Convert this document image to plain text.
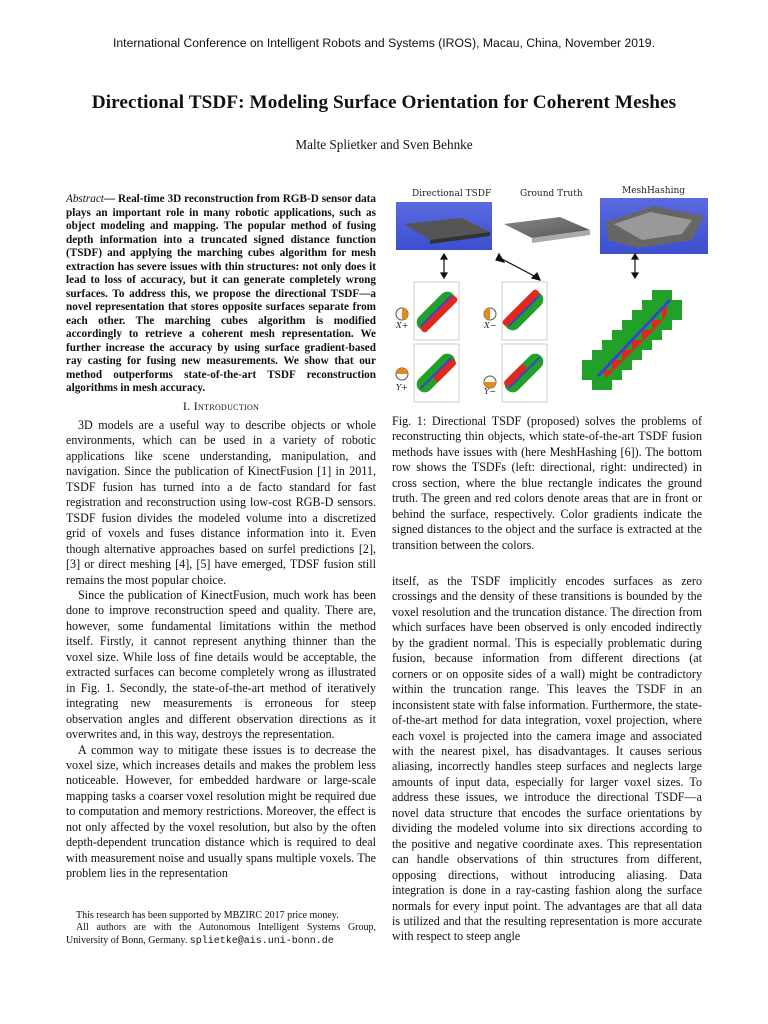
International Conference on Intelligent Robots and Systems (IROS), Macau, China, November 2019.
Directional TSDF: Modeling Surface Orientation for Coherent Meshes
Malte Splietker and Sven Behnke
Abstract— Real-time 3D reconstruction from RGB-D sensor data plays an important role in many robotic applications, such as object modeling and mapping. The popular method of fusing depth information into a truncated signed distance function (TSDF) and applying the marching cubes algorithm for mesh extraction has severe issues with thin structures: not only does it lead to loss of accuracy, but it can generate completely wrong surfaces. To address this, we propose the directional TSDF—a novel representation that stores opposite surfaces separate from each other. The marching cubes algorithm is modified accordingly to retrieve a coherent mesh representation. We further increase the accuracy by using surface gradient-based ray casting for fusing new measurements. We show that our method outperforms state-of-the-art TSDF reconstruction algorithms in mesh accuracy.
I. Introduction

3D models are a useful way to describe objects or whole environments, which can be used in a variety of robotic applications like scene understanding, manipulation, and navigation. Since the publication of KinectFusion [1] in 2011, TSDF fusion has turned into a de facto standard for fast registration and reconstruction using low-cost RGB-D sensors. TSDF fusion divides the modeled volume into a discretized grid of voxels and fuses distance information into it. Even though alternative approaches based on surfel predictions [2], [3] or direct meshing [4], [5] have emerged, TDSF fusion still remains the most popular choice.

Since the publication of KinectFusion, much work has been done to improve reconstruction speed and quality. There are, however, some fundamental limitations within the method itself. Firstly, it cannot represent anything thinner than the voxel size. While loss of fine details would be acceptable, the extracted surfaces can become completely wrong as illustrated in Fig. 1. Secondly, the state-of-the-art method of iteratively integrating new measurements is erroneous for steep observation angles and different observation directions as it overwrites and, in this way, destroys the representation.

A common way to mitigate these issues is to decrease the voxel size, which increases details and makes the problem less noticeable. However, for embedded hardware or large-scale mapping tasks a coarser voxel resolution might be required due to computation and memory restrictions. Moreover, the effect is not only affected by the voxel resolution, but also by the often depth-dependent truncation distance which is required to deal with measurement noise and usually spans multiple voxels. The problem lies in the representation

This research has been supported by MBZIRC 2017 price money.

All authors are with the Autonomous Intelligent Systems Group, University of Bonn, Germany. splietke@ais.uni-bonn.de

Directional TSDF	Ground Truth	MeshHashing
X+	X−
Y+	Y−
Fig. 1: Directional TSDF (proposed) solves the problems of reconstructing thin objects, which state-of-the-art TSDF fusion methods have issues with (here MeshHashing [6]). The bottom row shows the TSDFs (left: directional, right: undirected) in cross section, where the blue rectangle indicates the ground truth. The green and red colors denote areas that are in front or behind the surface, respectively. Color gradients indicate the signed distances to the object and the surface is extracted at the transition between the colors.

itself, as the TSDF implicitly encodes surfaces as zero crossings and the density of these transitions is bounded by the voxel resolution and the truncation distance. The direction from which surfaces have been observed is only encoded indirectly by the gradient normal. This is especially problematic during fusion, because information from different directions (at corners or on opposite sides of a wall) might be contradictory within the truncation range. This leaves the TSDF in an inconsistent state with false information. Furthermore, the state-of-the-art method for data integration, voxel projection, where each voxel is projected into the camera image and associated with the nearest pixel, has disadvantages. It causes serious aliasing, incorrectly handles steep surfaces and neglects large amounts of input data, especially for larger voxel sizes. To address these issues, we introduce the directional TSDF—a novel data structure that encodes the surface orientations by dividing the modeled volume into six directions according to the positive and negative coordinate axes. This representation can handle observations of thin structures from different, opposing directions, without introducing aliasing. Data integration is done in a ray-casting fashion along the surface normals for every input point. The advantages are that all data is utilized and that the resulting representation is more accurate with respect to steep angle
